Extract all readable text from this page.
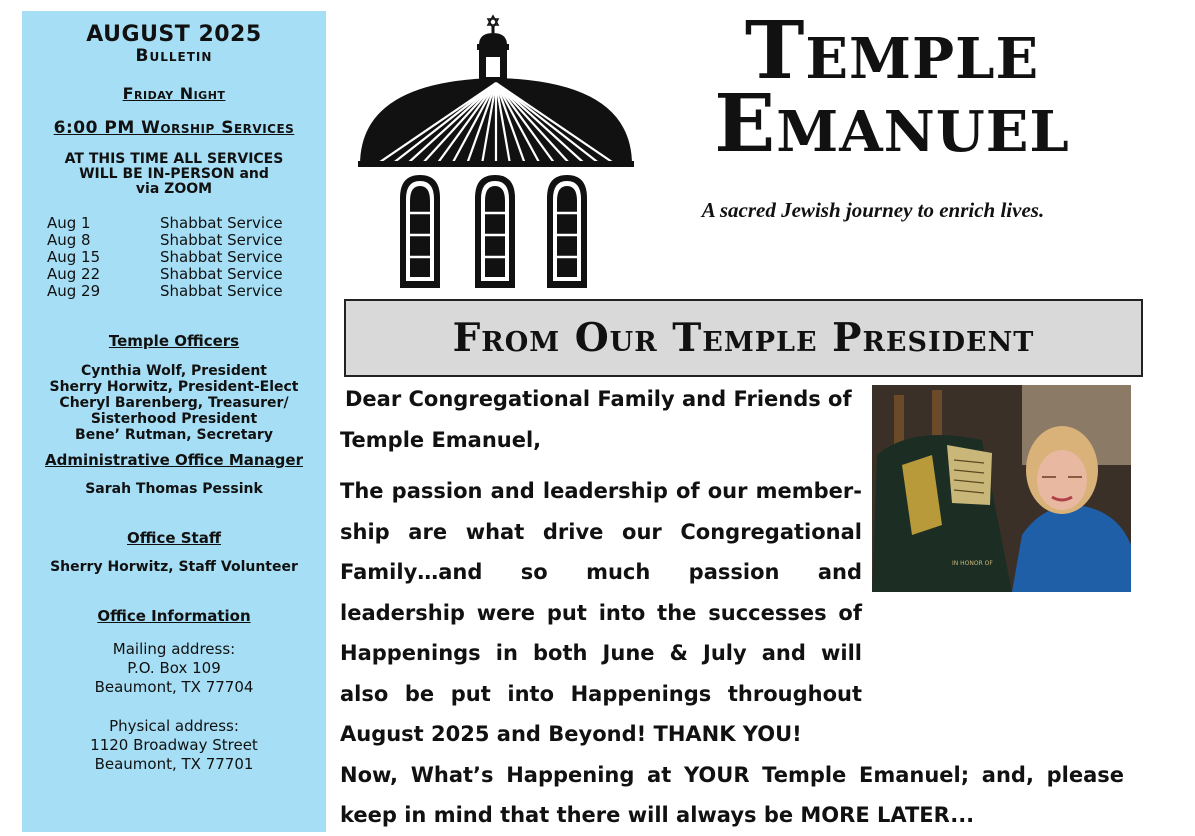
AUGUST 2025
Bulletin
Friday Night
6:00 PM Worship Services
AT THIS TIME ALL SERVICES
WILL BE IN-PERSON and
via ZOOM
Aug 1	Shabbat Service
Aug 8	Shabbat Service
Aug 15	Shabbat Service
Aug 22	Shabbat Service
Aug 29	Shabbat Service
Temple Officers
Cynthia Wolf, President
Sherry Horwitz, President-Elect
Cheryl Barenberg, Treasurer/
Sisterhood President
Bene’ Rutman, Secretary
Administrative Office Manager
Sarah Thomas Pessink
Office Staff
Sherry Horwitz, Staff Volunteer
Office Information
Mailing address:
P.O. Box 109
Beaumont, TX 77704
Physical address:
1120 Broadway Street
Beaumont, TX 77701
Temple
Emanuel
A sacred Jewish journey to enrich lives.
From Our Temple President
IN HONOR OF

Dear Congregational Family and Friends of

Temple Emanuel,

The passion and leadership of our member-ship are what drive our Congregational Family…and so much passion and leadership were put into the successes of Happenings in both June & July and will also be put into Happenings throughout August 2025 and Beyond! THANK YOU!

Now, What’s Happening at YOUR Temple Emanuel; and, please keep in mind that there will always be MORE LATER...
